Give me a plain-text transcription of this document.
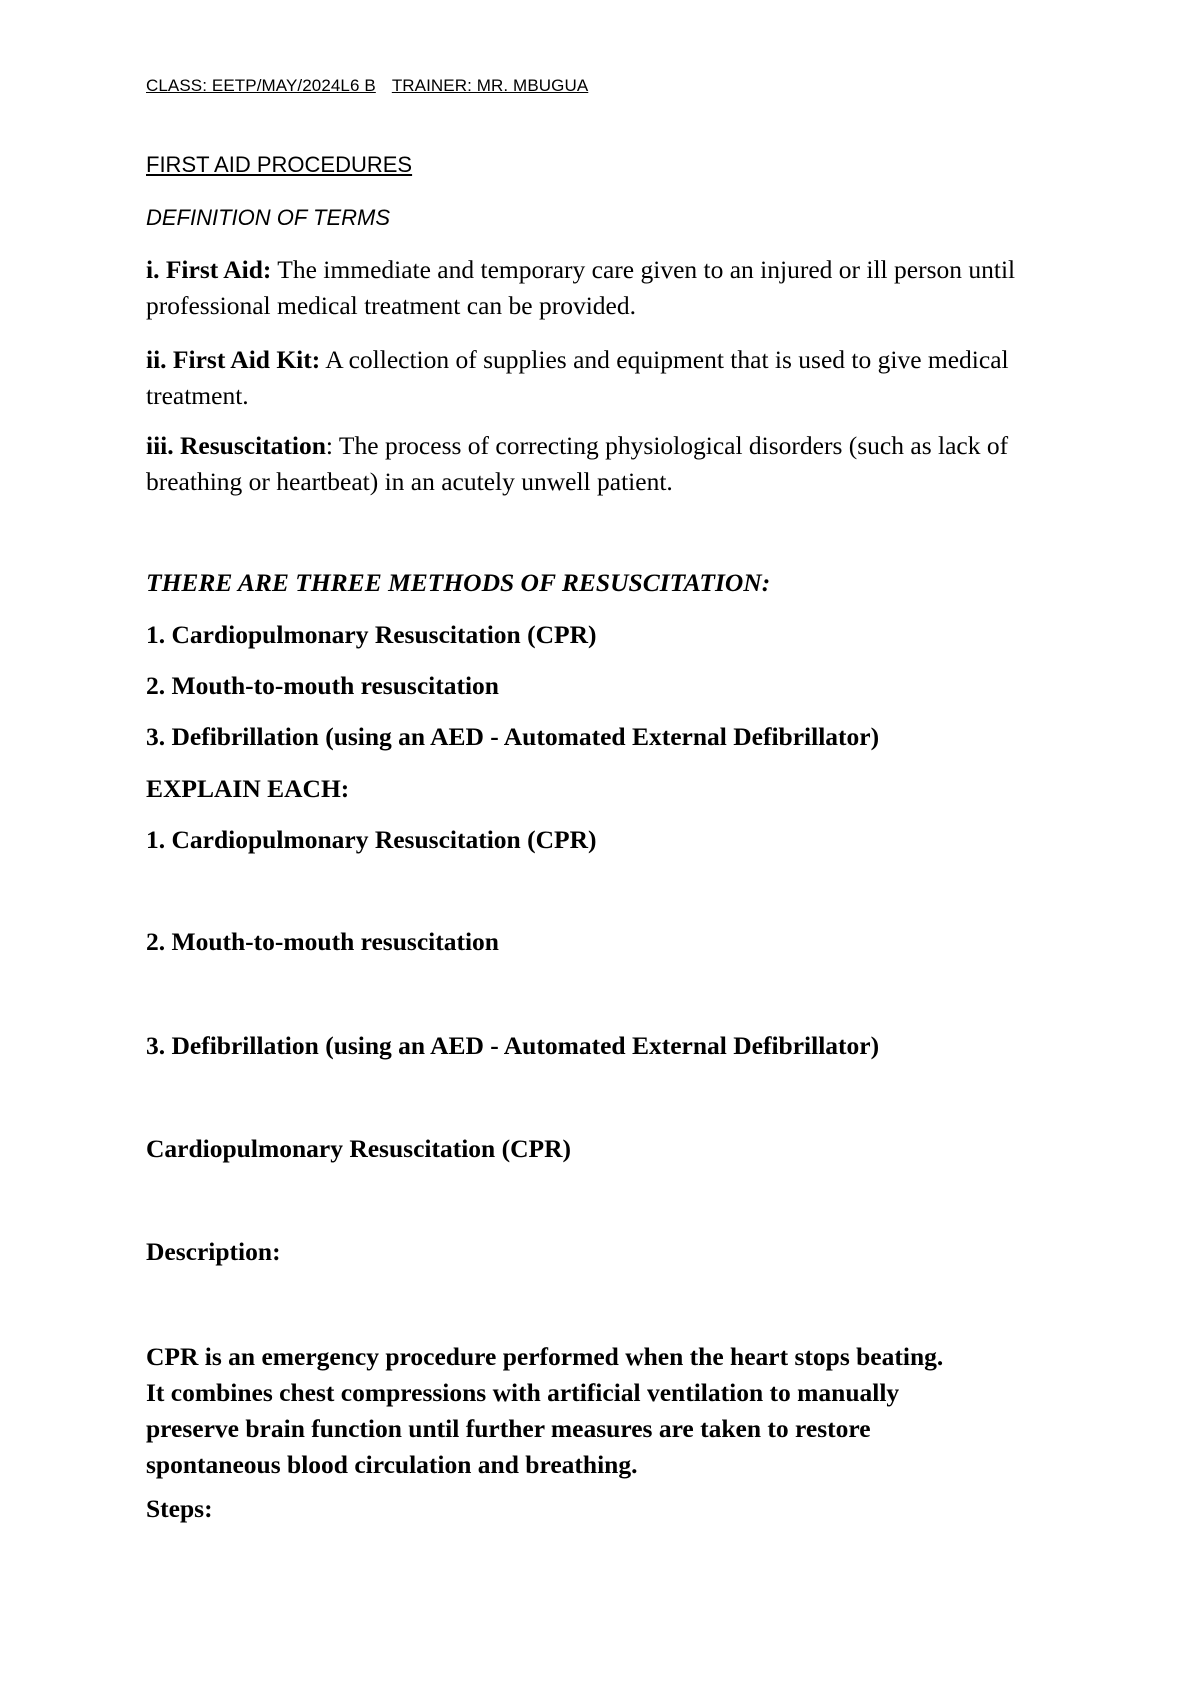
CLASS: EETP/MAY/2024L6 B TRAINER: MR. MBUGUA
FIRST AID PROCEDURES
DEFINITION OF TERMS
i. First Aid: The immediate and temporary care given to an injured or ill person until professional medical treatment can be provided.
ii. First Aid Kit: A collection of supplies and equipment that is used to give medical treatment.
iii. Resuscitation: The process of correcting physiological disorders (such as lack of breathing or heartbeat) in an acutely unwell patient.
THERE ARE THREE METHODS OF RESUSCITATION:
1. Cardiopulmonary Resuscitation (CPR)
2. Mouth-to-mouth resuscitation
3. Defibrillation (using an AED - Automated External Defibrillator)
EXPLAIN EACH:
1. Cardiopulmonary Resuscitation (CPR)
2. Mouth-to-mouth resuscitation
3. Defibrillation (using an AED - Automated External Defibrillator)
Cardiopulmonary Resuscitation (CPR)
Description:
CPR is an emergency procedure performed when the heart stops beating.
It combines chest compressions with artificial ventilation to manually
preserve brain function until further measures are taken to restore
spontaneous blood circulation and breathing.
Steps:
